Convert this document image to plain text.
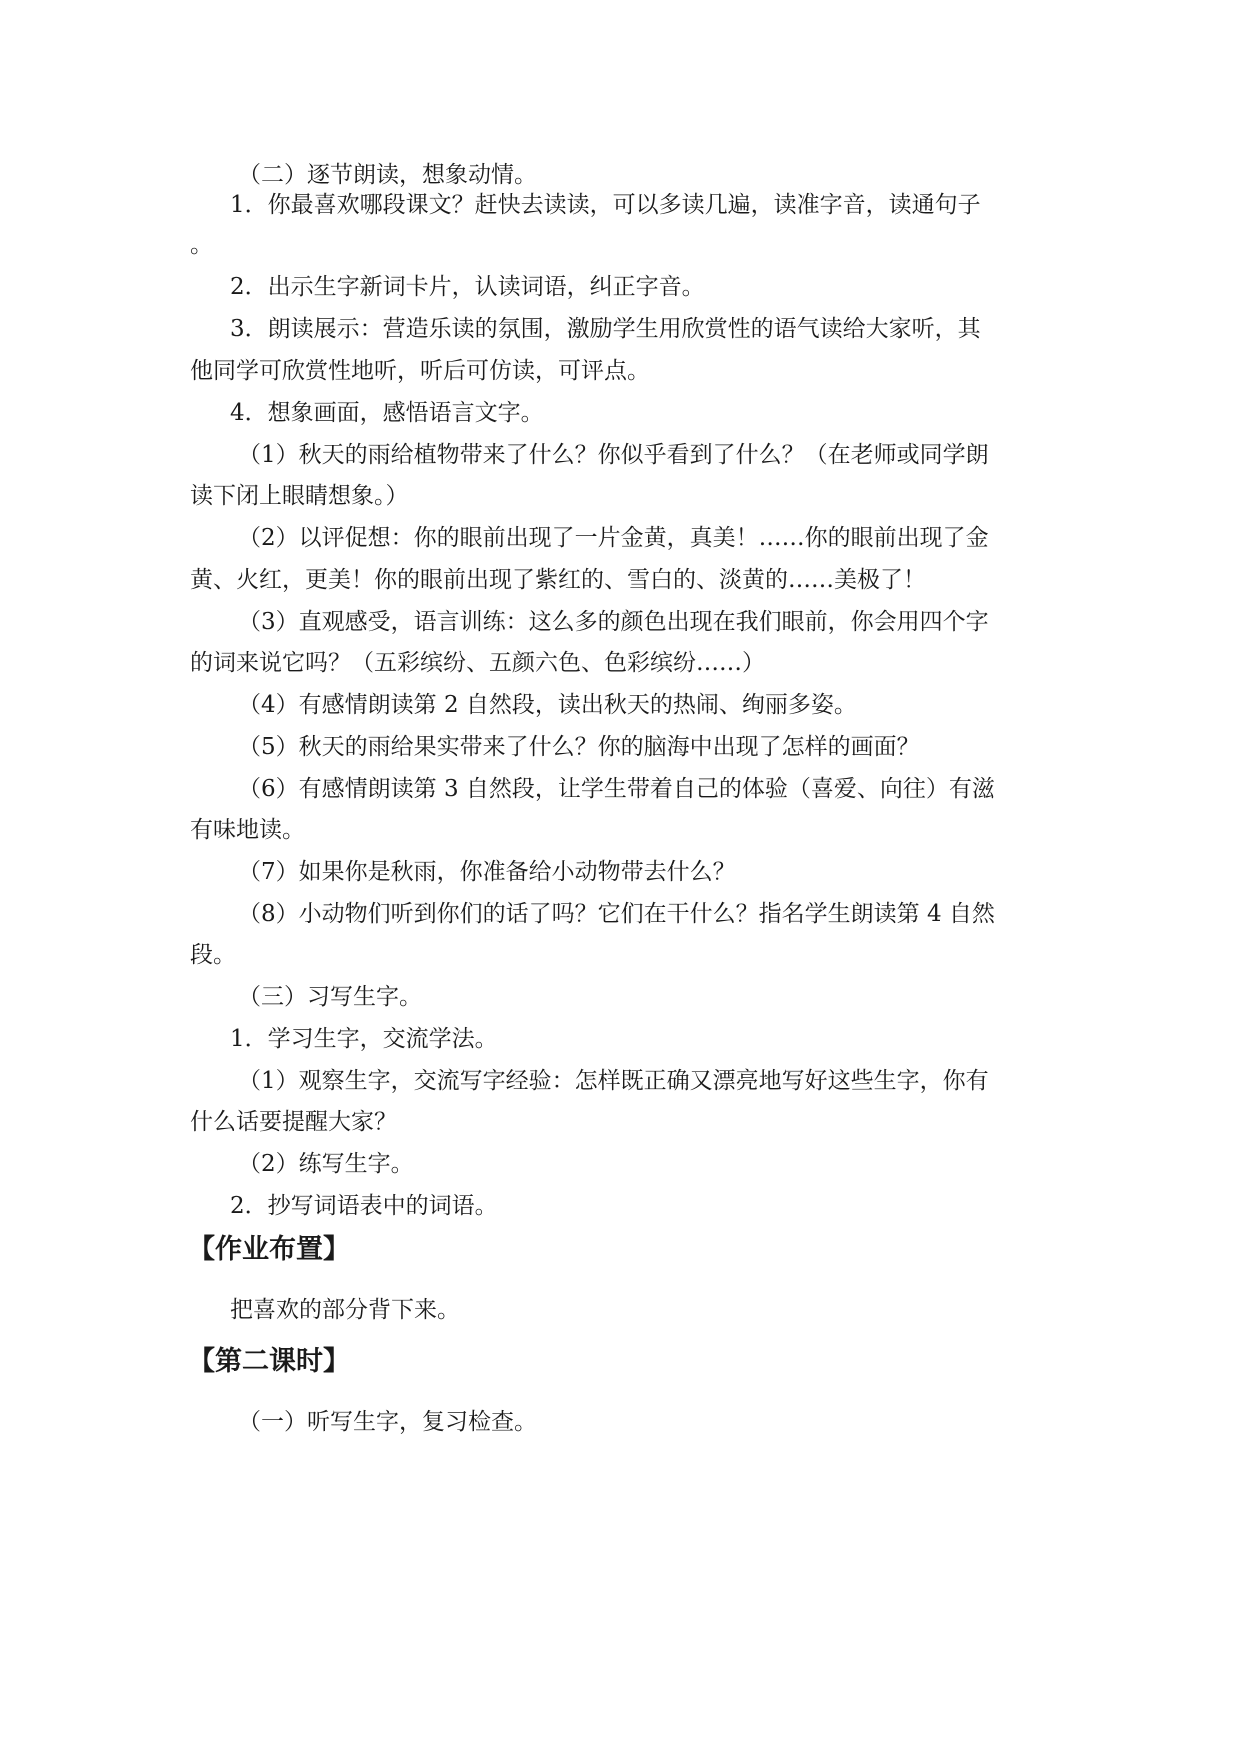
（二）逐节朗读，想象动情。
1．你最喜欢哪段课文？赶快去读读，可以多读几遍，读准字音，读通句子
。
2．出示生字新词卡片，认读词语，纠正字音。
3．朗读展示：营造乐读的氛围，激励学生用欣赏性的语气读给大家听，其
他同学可欣赏性地听，听后可仿读，可评点。
4．想象画面，感悟语言文字。
（1）秋天的雨给植物带来了什么？你似乎看到了什么？（在老师或同学朗
读下闭上眼睛想象。）
（2）以评促想：你的眼前出现了一片金黄，真美！……你的眼前出现了金
黄、火红，更美！你的眼前出现了紫红的、雪白的、淡黄的……美极了！
（3）直观感受，语言训练：这么多的颜色出现在我们眼前，你会用四个字
的词来说它吗？（五彩缤纷、五颜六色、色彩缤纷……）
（4）有感情朗读第 2 自然段，读出秋天的热闹、绚丽多姿。
（5）秋天的雨给果实带来了什么？你的脑海中出现了怎样的画面？
（6）有感情朗读第 3 自然段，让学生带着自己的体验（喜爱、向往）有滋
有味地读。
（7）如果你是秋雨，你准备给小动物带去什么？
（8）小动物们听到你们的话了吗？它们在干什么？指名学生朗读第 4 自然
段。
（三）习写生字。
1．学习生字，交流学法。
（1）观察生字，交流写字经验：怎样既正确又漂亮地写好这些生字，你有
什么话要提醒大家？
（2）练写生字。
2．抄写词语表中的词语。
【作业布置】
把喜欢的部分背下来。
【第二课时】
（一）听写生字，复习检查。
